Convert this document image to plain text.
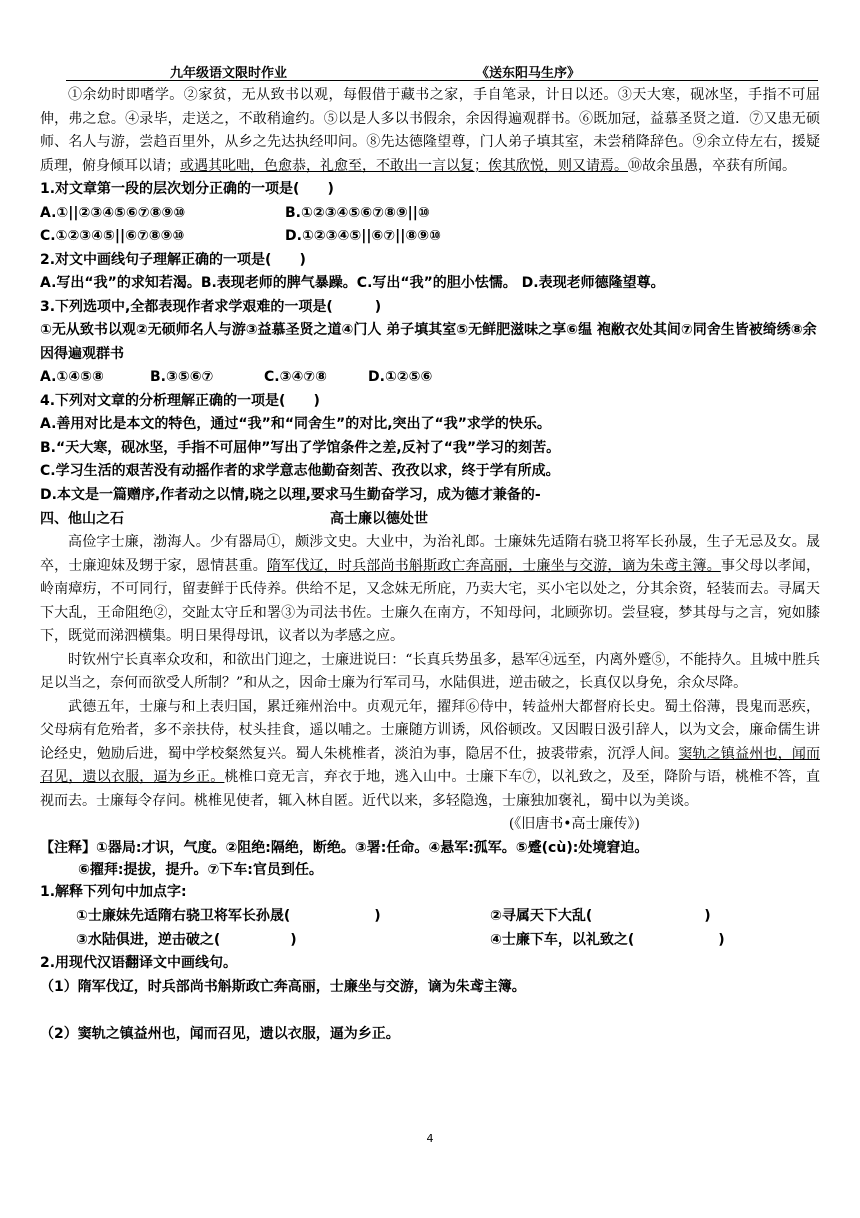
九年级语文限时作业	《送东阳马生序》

①余幼时即嗜学。②家贫，无从致书以观，每假借于藏书之家，手自笔录，计日以还。③天大寒，砚冰坚，手指不可屈伸，弗之怠。④录毕，走送之，不敢稍逾约。⑤以是人多以书假余，余因得遍观群书。⑥既加冠，益慕圣贤之道．⑦又患无硕师、名人与游，尝趋百里外，从乡之先达执经叩问。⑧先达德隆望尊，门人弟子填其室，未尝稍降辞色。⑨余立侍左右，援疑质理，俯身倾耳以请；或遇其叱咄，色愈恭，礼愈至，不敢出一言以复；俟其欣悦，则又请焉。⑩故余虽愚，卒获有所闻。

1.对文章第一段的层次划分正确的一项是(　　)

A.①||②③④⑤⑥⑦⑧⑨⑩	B.①②③④⑤⑥⑦⑧⑨||⑩
C.①②③④⑤||⑥⑦⑧⑨⑩	D.①②③④⑤||⑥⑦||⑧⑨⑩

2.对文中画线句子理解正确的一项是(　　)

A.写出“我”的求知若渴。B.表现老师的脾气暴躁。C.写出“我”的胆小怯懦。 D.表现老师德隆望尊。

3.下列选项中,全都表现作者求学艰难的一项是(　　　)

①无从致书以观②无硕师名人与游③益慕圣贤之道④门人 弟子填其室⑤无鲜肥滋味之享⑥缊 袍敝衣处其间⑦同舍生皆被绮绣⑧余因得遍观群书

A.①④⑤⑧	B.③⑤⑥⑦	C.③④⑦⑧	D.①②⑤⑥

4.下列对文章的分析理解正确的一项是(　　)

A.善用对比是本文的特色，通过“我”和“同舍生”的对比,突出了“我”求学的快乐。

B.“天大寒，砚冰坚，手指不可屈伸”写出了学馆条件之差,反衬了“我”学习的刻苦。

C.学习生活的艰苦没有动摇作者的求学意志他勤奋刻苦、孜孜以求，终于学有所成。

D.本文是一篇赠序,作者动之以情,晓之以理,要求马生勤奋学习，成为德才兼备的-

四、他山之石	高士廉以德处世

高俭字士廉，渤海人。少有器局①，颇涉文史。大业中，为治礼郎。士廉妹先适隋右骁卫将军长孙晟，生子无忌及女。晟卒，士廉迎妹及甥于家，恩情甚重。隋军伐辽，时兵部尚书斛斯政亡奔高丽，士廉坐与交游，谪为朱鸢主簿。事父母以孝闻，岭南瘴疠，不可同行，留妻鲜于氏侍养。供给不足，又念妹无所庇，乃卖大宅，买小宅以处之，分其余资，轻装而去。寻属天下大乱，王命阻绝②，交趾太守丘和署③为司法书佐。士廉久在南方，不知母问，北顾弥切。尝昼寝，梦其母与之言，宛如膝下，既觉而涕泗横集。明日果得母讯，议者以为孝感之应。

时钦州宁长真率众攻和，和欲出门迎之，士廉进说曰：“长真兵势虽多，悬军④远至，内离外蹙⑤，不能持久。且城中胜兵足以当之，奈何而欲受人所制？”和从之，因命士廉为行军司马，水陆俱进，逆击破之，长真仅以身免，余众尽降。

武德五年，士廉与和上表归国，累迁雍州治中。贞观元年，擢拜⑥侍中，转益州大都督府长史。蜀土俗薄，畏鬼而恶疾，父母病有危殆者，多不亲扶侍，杖头挂食，遥以哺之。士廉随方训诱，风俗顿改。又因暇日汲引辞人，以为文会，廉命儒生讲论经史，勉励后进，蜀中学校粲然复兴。蜀人朱桃椎者，淡泊为事，隐居不仕，披裘带索，沉浮人间。窦轨之镇益州也，闻而召见，遗以衣服，逼为乡正。桃椎口竟无言，弃衣于地，逃入山中。士廉下车⑦，以礼致之，及至，降阶与语，桃椎不答，直视而去。士廉每令存问。桃椎见使者，辄入林自匿。近代以来，多轻隐逸，士廉独加褒礼，蜀中以为美谈。

(《旧唐书•高士廉传》)

【注释】①器局:才识，气度。②阻绝:隔绝，断绝。③署:任命。④悬军:孤军。⑤蹙(cù):处境窘迫。

⑥擢拜:提拔，提升。⑦下车:官员到任。

1.解释下列句中加点字:

①士廉妹先适隋右骁卫将军长孙晟(　　　　　　)	②寻属天下大乱(　　　　　　　　)
③水陆俱进，逆击破之(　　　　　)	④士廉下车，以礼致之(　　　　　　)

2.用现代汉语翻译文中画线句。

（1）隋军伐辽，时兵部尚书斛斯政亡奔高丽，士廉坐与交游，谪为朱鸢主簿。

（2）窦轨之镇益州也，闻而召见，遗以衣服，逼为乡正。

4
